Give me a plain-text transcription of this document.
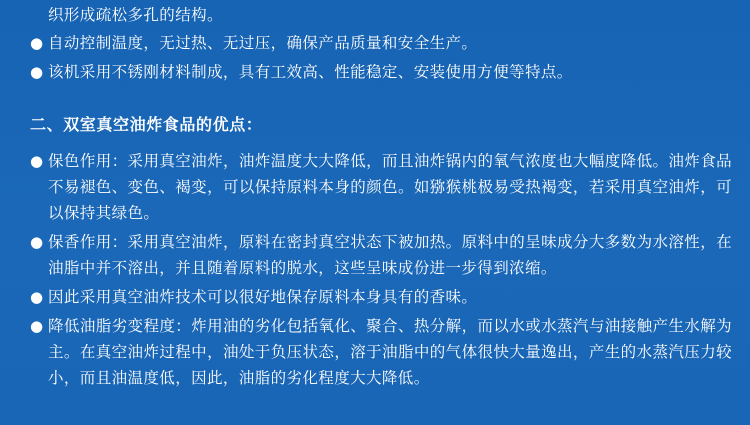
织形成疏松多孔的结构。

● 自动控制温度，无过热、无过压，确保产品质量和安全生产。
● 该机采用不锈刚材料制成，具有工效高、性能稳定、安装使用方便等特点。
二、双室真空油炸食品的优点：
● 保色作用：采用真空油炸，油炸温度大大降低，而且油炸锅内的氧气浓度也大幅度降低。油炸食品不易褪色、变色、褐变，可以保持原料本身的颜色。如猕猴桃极易受热褐变，若采用真空油炸，可以保持其绿色。
● 保香作用：采用真空油炸，原料在密封真空状态下被加热。原料中的呈味成分大多数为水溶性，在油脂中并不溶出，并且随着原料的脱水，这些呈味成份进一步得到浓缩。
● 因此采用真空油炸技术可以很好地保存原料本身具有的香味。
● 降低油脂劣变程度：炸用油的劣化包括氧化、聚合、热分解，而以水或水蒸汽与油接触产生水解为主。在真空油炸过程中，油处于负压状态，溶于油脂中的气体很快大量逸出，产生的水蒸汽压力较小，而且油温度低，因此，油脂的劣化程度大大降低。
